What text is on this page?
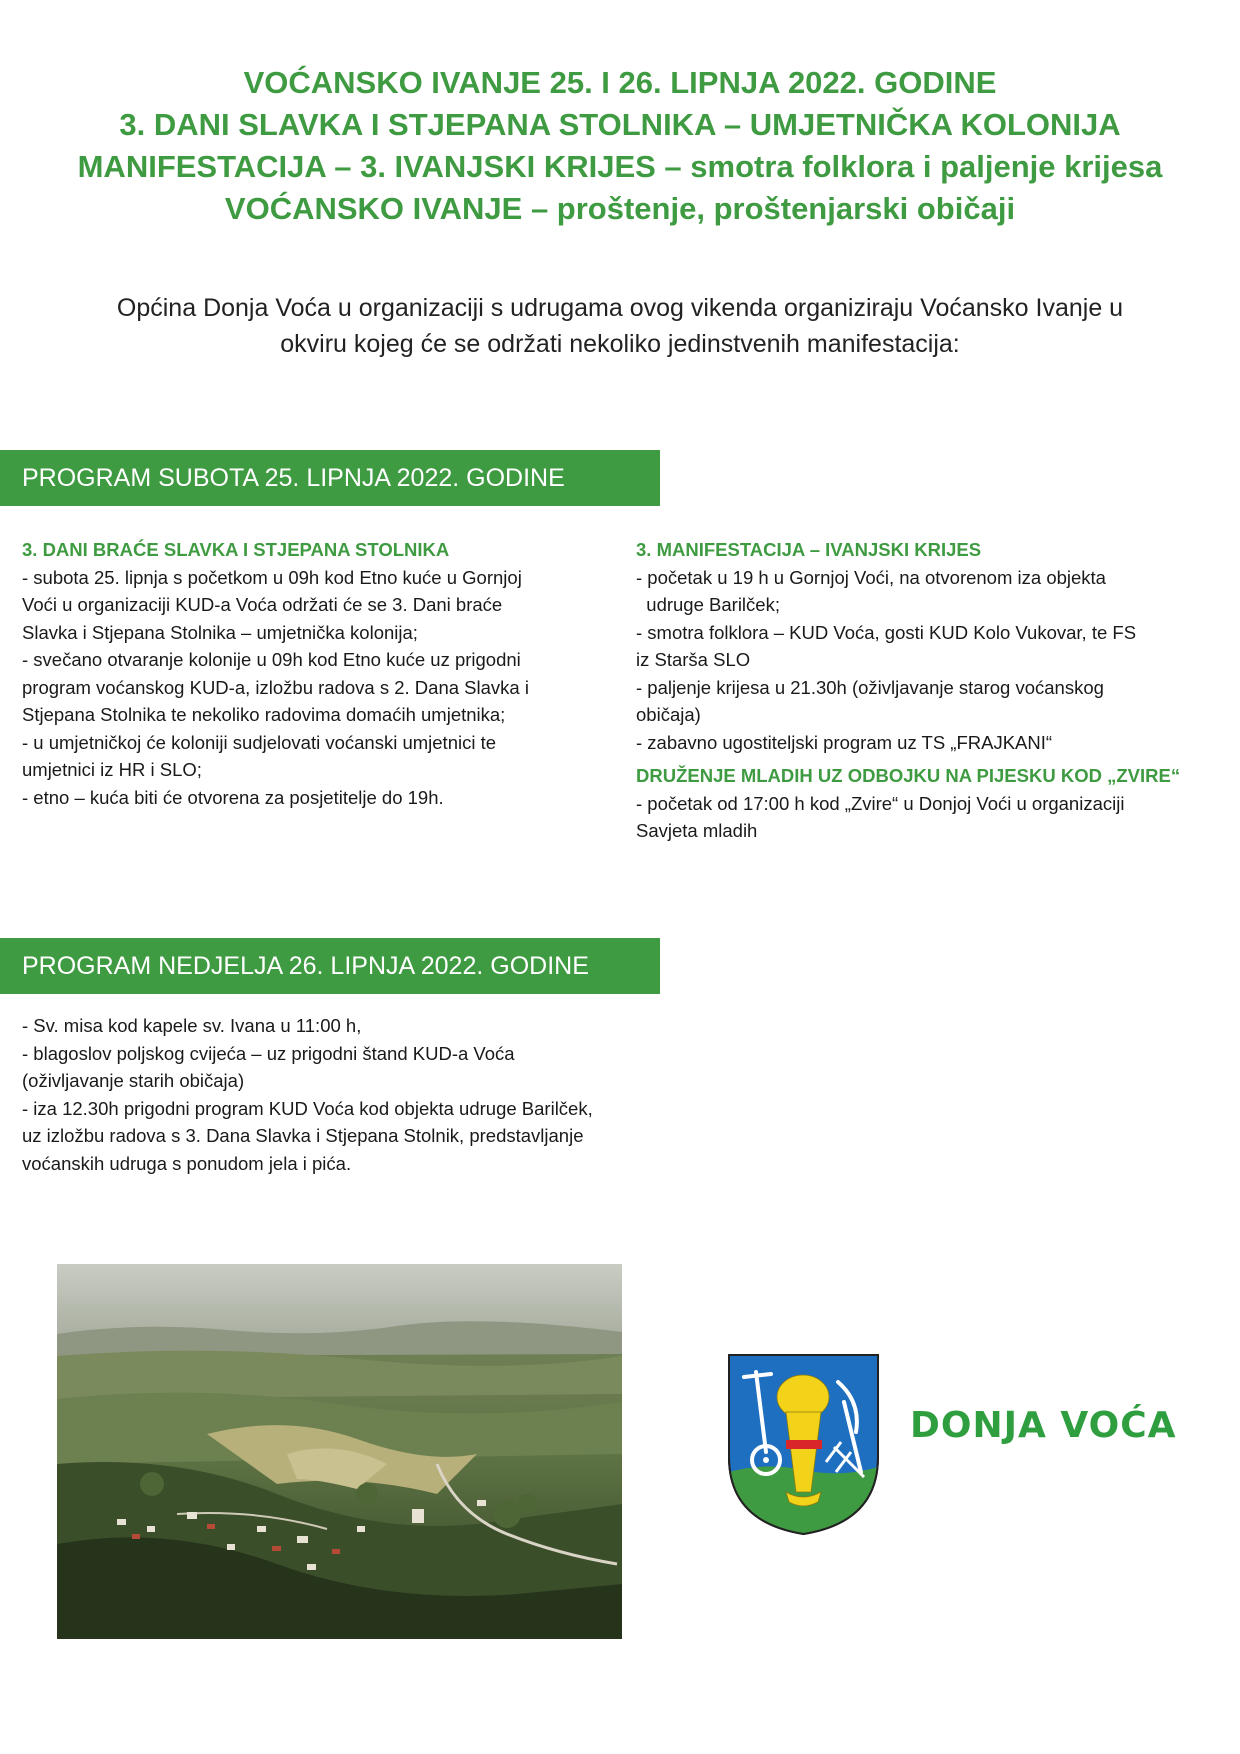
VOĆANSKO IVANJE 25. I 26. LIPNJA 2022. GODINE
3. DANI SLAVKA I STJEPANA STOLNIKA – UMJETNIČKA KOLONIJA
MANIFESTACIJA – 3. IVANJSKI KRIJES – smotra folklora i paljenje krijesa
VOĆANSKO IVANJE – proštenje, proštenjarski običaji
Općina Donja Voća u organizaciji s udrugama ovog vikenda organiziraju Voćansko Ivanje u
okviru kojeg će se održati nekoliko jedinstvenih manifestacija:
PROGRAM SUBOTA 25. LIPNJA 2022. GODINE
3. DANI BRAĆE SLAVKA I STJEPANA STOLNIKA
- subota 25. lipnja s početkom u 09h kod Etno kuće u Gornjoj
Voći u organizaciji KUD-a Voća održati će se 3. Dani braće
Slavka i Stjepana Stolnika – umjetnička kolonija;
- svečano otvaranje kolonije u 09h kod Etno kuće uz prigodni
program voćanskog KUD-a, izložbu radova s 2. Dana Slavka i
Stjepana Stolnika te nekoliko radovima domaćih umjetnika;
- u umjetničkoj će koloniji sudjelovati voćanski umjetnici te
umjetnici iz HR i SLO;
- etno – kuća biti će otvorena za posjetitelje do 19h.
3. MANIFESTACIJA – IVANJSKI KRIJES
- početak u 19 h u Gornjoj Voći, na otvorenom iza objekta
udruge Barilček;
- smotra folklora – KUD Voća, gosti KUD Kolo Vukovar, te FS
iz Starša SLO
- paljenje krijesa u 21.30h (oživljavanje starog voćanskog
običaja)
- zabavno ugostiteljski program uz TS „FRAJKANI“
DRUŽENJE MLADIH UZ ODBOJKU NA PIJESKU KOD „ZVIRE“
- početak od 17:00 h kod „Zvire“ u Donjoj Voći u organizaciji
Savjeta mladih
PROGRAM NEDJELJA 26. LIPNJA 2022. GODINE
- Sv. misa kod kapele sv. Ivana u 11:00 h,
- blagoslov poljskog cvijeća – uz prigodni štand KUD-a Voća
(oživljavanje starih običaja)
- iza 12.30h prigodni program KUD Voća kod objekta udruge Barilček,
uz izložbu radova s 3. Dana Slavka i Stjepana Stolnik, predstavljanje
voćanskih udruga s ponudom jela i pića.
DONJA VOĆA
